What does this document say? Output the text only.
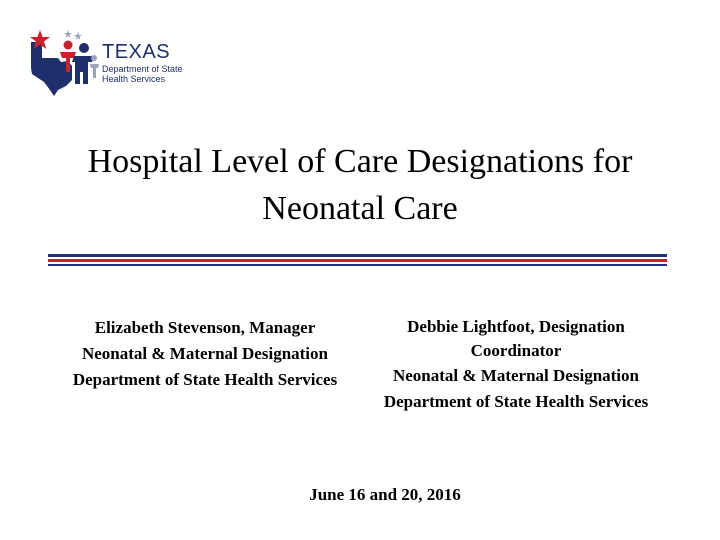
TEXAS
Department of State Health Services
Hospital Level of Care Designations for Neonatal Care
Elizabeth Stevenson, Manager
Neonatal & Maternal Designation
Department of State Health Services
Debbie Lightfoot, Designation Coordinator
Neonatal & Maternal Designation
Department of State Health Services
June 16 and 20, 2016
